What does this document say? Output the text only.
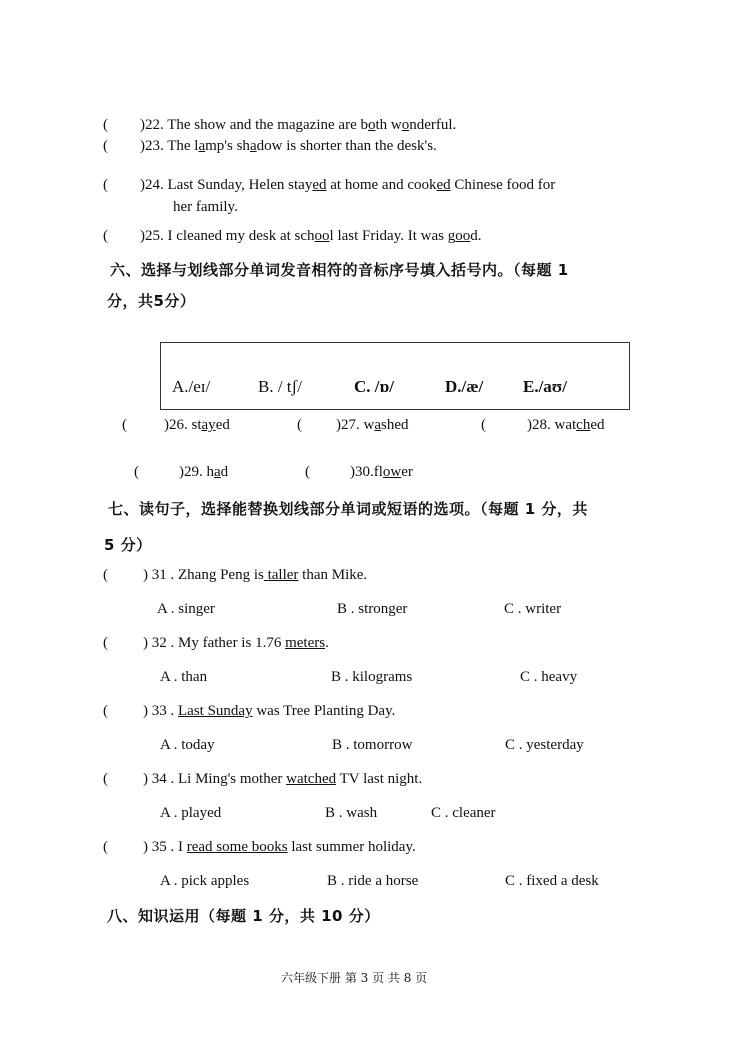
( )22. The show and the magazine are both wonderful.
( )23. The lamp's shadow is shorter than the desk's.
( )24. Last Sunday, Helen stayed at home and cooked Chinese food for
her family.
( )25. I cleaned my desk at school last Friday. It was good.
六、选择与划线部分单词发音相符的音标序号填入括号内。（每题 1
分，共5分）
A./eɪ/	B. / tʃ/	C. /ɒ/	D./æ/ E./aʊ/
( )26. stayed	( )27. washed	(	)28. watched
(	)29. had	(	)30.flower
七、读句子，选择能替换划线部分单词或短语的选项。（每题 1 分，共
5 分）
( ) 31 . Zhang Peng is taller than Mike.
A . singer	B . stronger	C . writer
( ) 32 . My father is 1.76 meters.
A . than	B . kilograms	C . heavy
( ) 33 . Last Sunday was Tree Planting Day.
A . today	B . tomorrow	C . yesterday
( ) 34 . Li Ming's mother watched TV last night.
A . played	B . wash	C . cleaner
( ) 35 . I read some books last summer holiday.
A . pick apples	B . ride a horse	C . fixed a desk
八、知识运用（每题 1 分，共 10 分）
六年级下册 第 3 页 共 8 页
